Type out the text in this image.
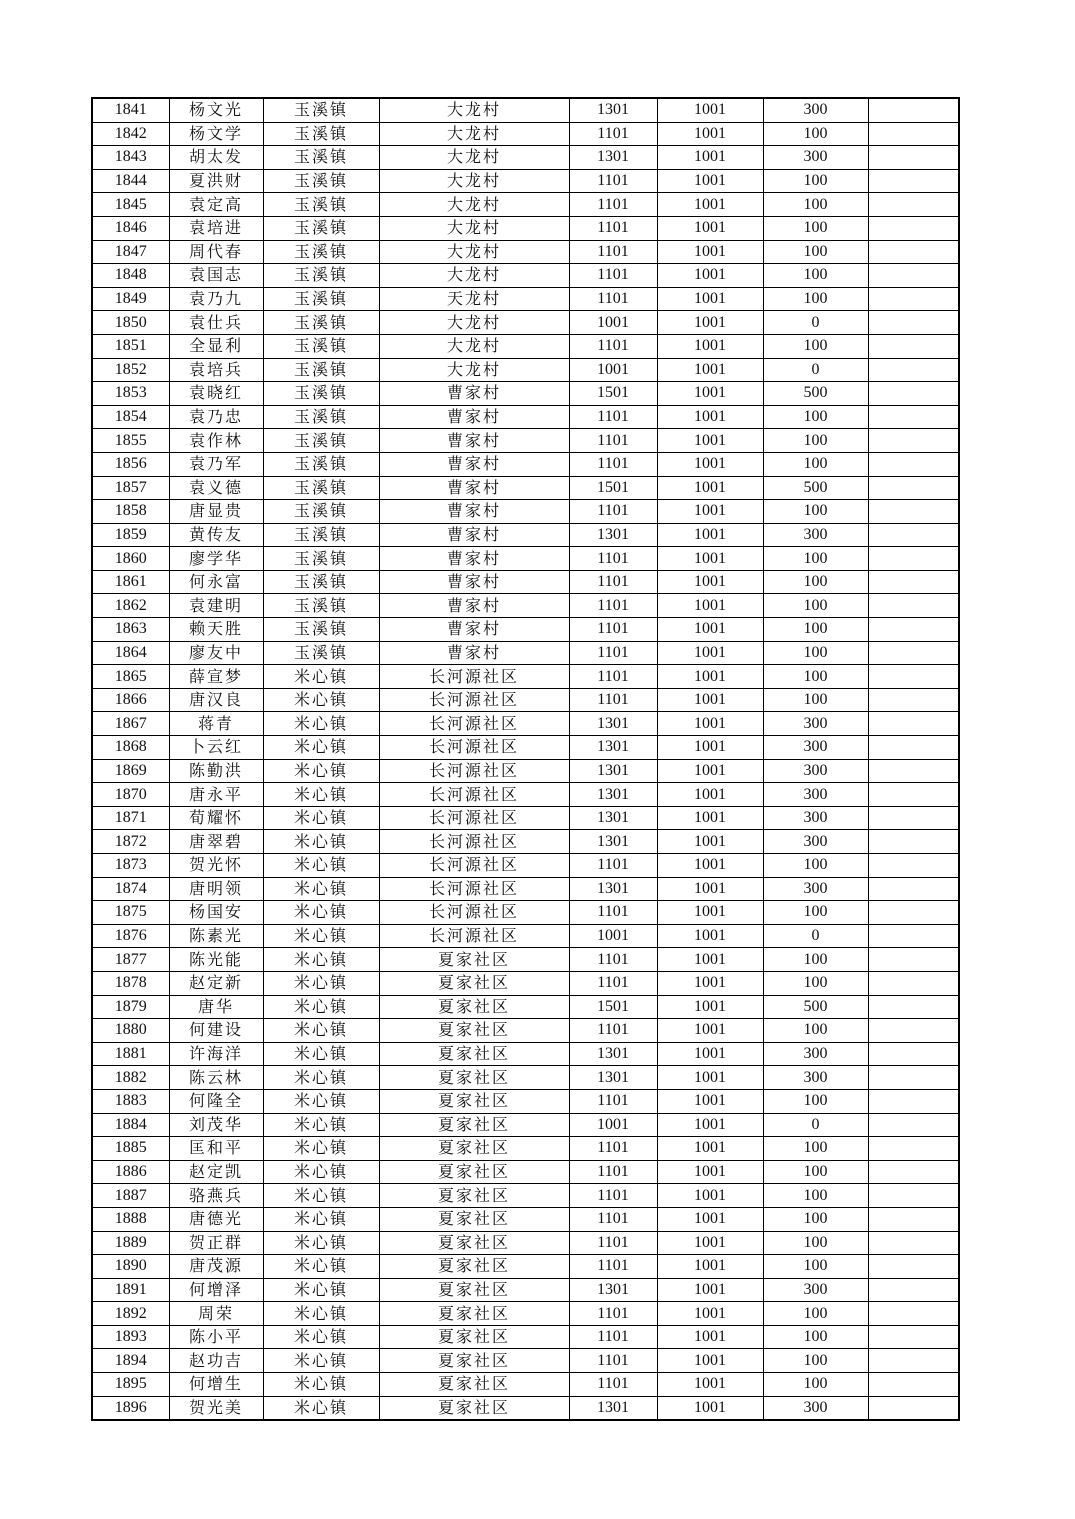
1841	杨文光	玉溪镇	大龙村	1301	1001	300	
1842	杨文学	玉溪镇	大龙村	1101	1001	100	
1843	胡太发	玉溪镇	大龙村	1301	1001	300	
1844	夏洪财	玉溪镇	大龙村	1101	1001	100	
1845	袁定高	玉溪镇	大龙村	1101	1001	100	
1846	袁培进	玉溪镇	大龙村	1101	1001	100	
1847	周代春	玉溪镇	大龙村	1101	1001	100	
1848	袁国志	玉溪镇	大龙村	1101	1001	100	
1849	袁乃九	玉溪镇	天龙村	1101	1001	100	
1850	袁仕兵	玉溪镇	大龙村	1001	1001	0	
1851	全显利	玉溪镇	大龙村	1101	1001	100	
1852	袁培兵	玉溪镇	大龙村	1001	1001	0	
1853	袁晓红	玉溪镇	曹家村	1501	1001	500	
1854	袁乃忠	玉溪镇	曹家村	1101	1001	100	
1855	袁作林	玉溪镇	曹家村	1101	1001	100	
1856	袁乃军	玉溪镇	曹家村	1101	1001	100	
1857	袁义德	玉溪镇	曹家村	1501	1001	500	
1858	唐显贵	玉溪镇	曹家村	1101	1001	100	
1859	黄传友	玉溪镇	曹家村	1301	1001	300	
1860	廖学华	玉溪镇	曹家村	1101	1001	100	
1861	何永富	玉溪镇	曹家村	1101	1001	100	
1862	袁建明	玉溪镇	曹家村	1101	1001	100	
1863	赖天胜	玉溪镇	曹家村	1101	1001	100	
1864	廖友中	玉溪镇	曹家村	1101	1001	100	
1865	薛宣梦	米心镇	长河源社区	1101	1001	100	
1866	唐汉良	米心镇	长河源社区	1101	1001	100	
1867	蒋青	米心镇	长河源社区	1301	1001	300	
1868	卜云红	米心镇	长河源社区	1301	1001	300	
1869	陈勤洪	米心镇	长河源社区	1301	1001	300	
1870	唐永平	米心镇	长河源社区	1301	1001	300	
1871	荀耀怀	米心镇	长河源社区	1301	1001	300	
1872	唐翠碧	米心镇	长河源社区	1301	1001	300	
1873	贺光怀	米心镇	长河源社区	1101	1001	100	
1874	唐明领	米心镇	长河源社区	1301	1001	300	
1875	杨国安	米心镇	长河源社区	1101	1001	100	
1876	陈素光	米心镇	长河源社区	1001	1001	0	
1877	陈光能	米心镇	夏家社区	1101	1001	100	
1878	赵定新	米心镇	夏家社区	1101	1001	100	
1879	唐华	米心镇	夏家社区	1501	1001	500	
1880	何建设	米心镇	夏家社区	1101	1001	100	
1881	许海洋	米心镇	夏家社区	1301	1001	300	
1882	陈云林	米心镇	夏家社区	1301	1001	300	
1883	何隆全	米心镇	夏家社区	1101	1001	100	
1884	刘茂华	米心镇	夏家社区	1001	1001	0	
1885	匡和平	米心镇	夏家社区	1101	1001	100	
1886	赵定凯	米心镇	夏家社区	1101	1001	100	
1887	骆燕兵	米心镇	夏家社区	1101	1001	100	
1888	唐德光	米心镇	夏家社区	1101	1001	100	
1889	贺正群	米心镇	夏家社区	1101	1001	100	
1890	唐茂源	米心镇	夏家社区	1101	1001	100	
1891	何增泽	米心镇	夏家社区	1301	1001	300	
1892	周荣	米心镇	夏家社区	1101	1001	100	
1893	陈小平	米心镇	夏家社区	1101	1001	100	
1894	赵功吉	米心镇	夏家社区	1101	1001	100	
1895	何增生	米心镇	夏家社区	1101	1001	100	
1896	贺光美	米心镇	夏家社区	1301	1001	300	
